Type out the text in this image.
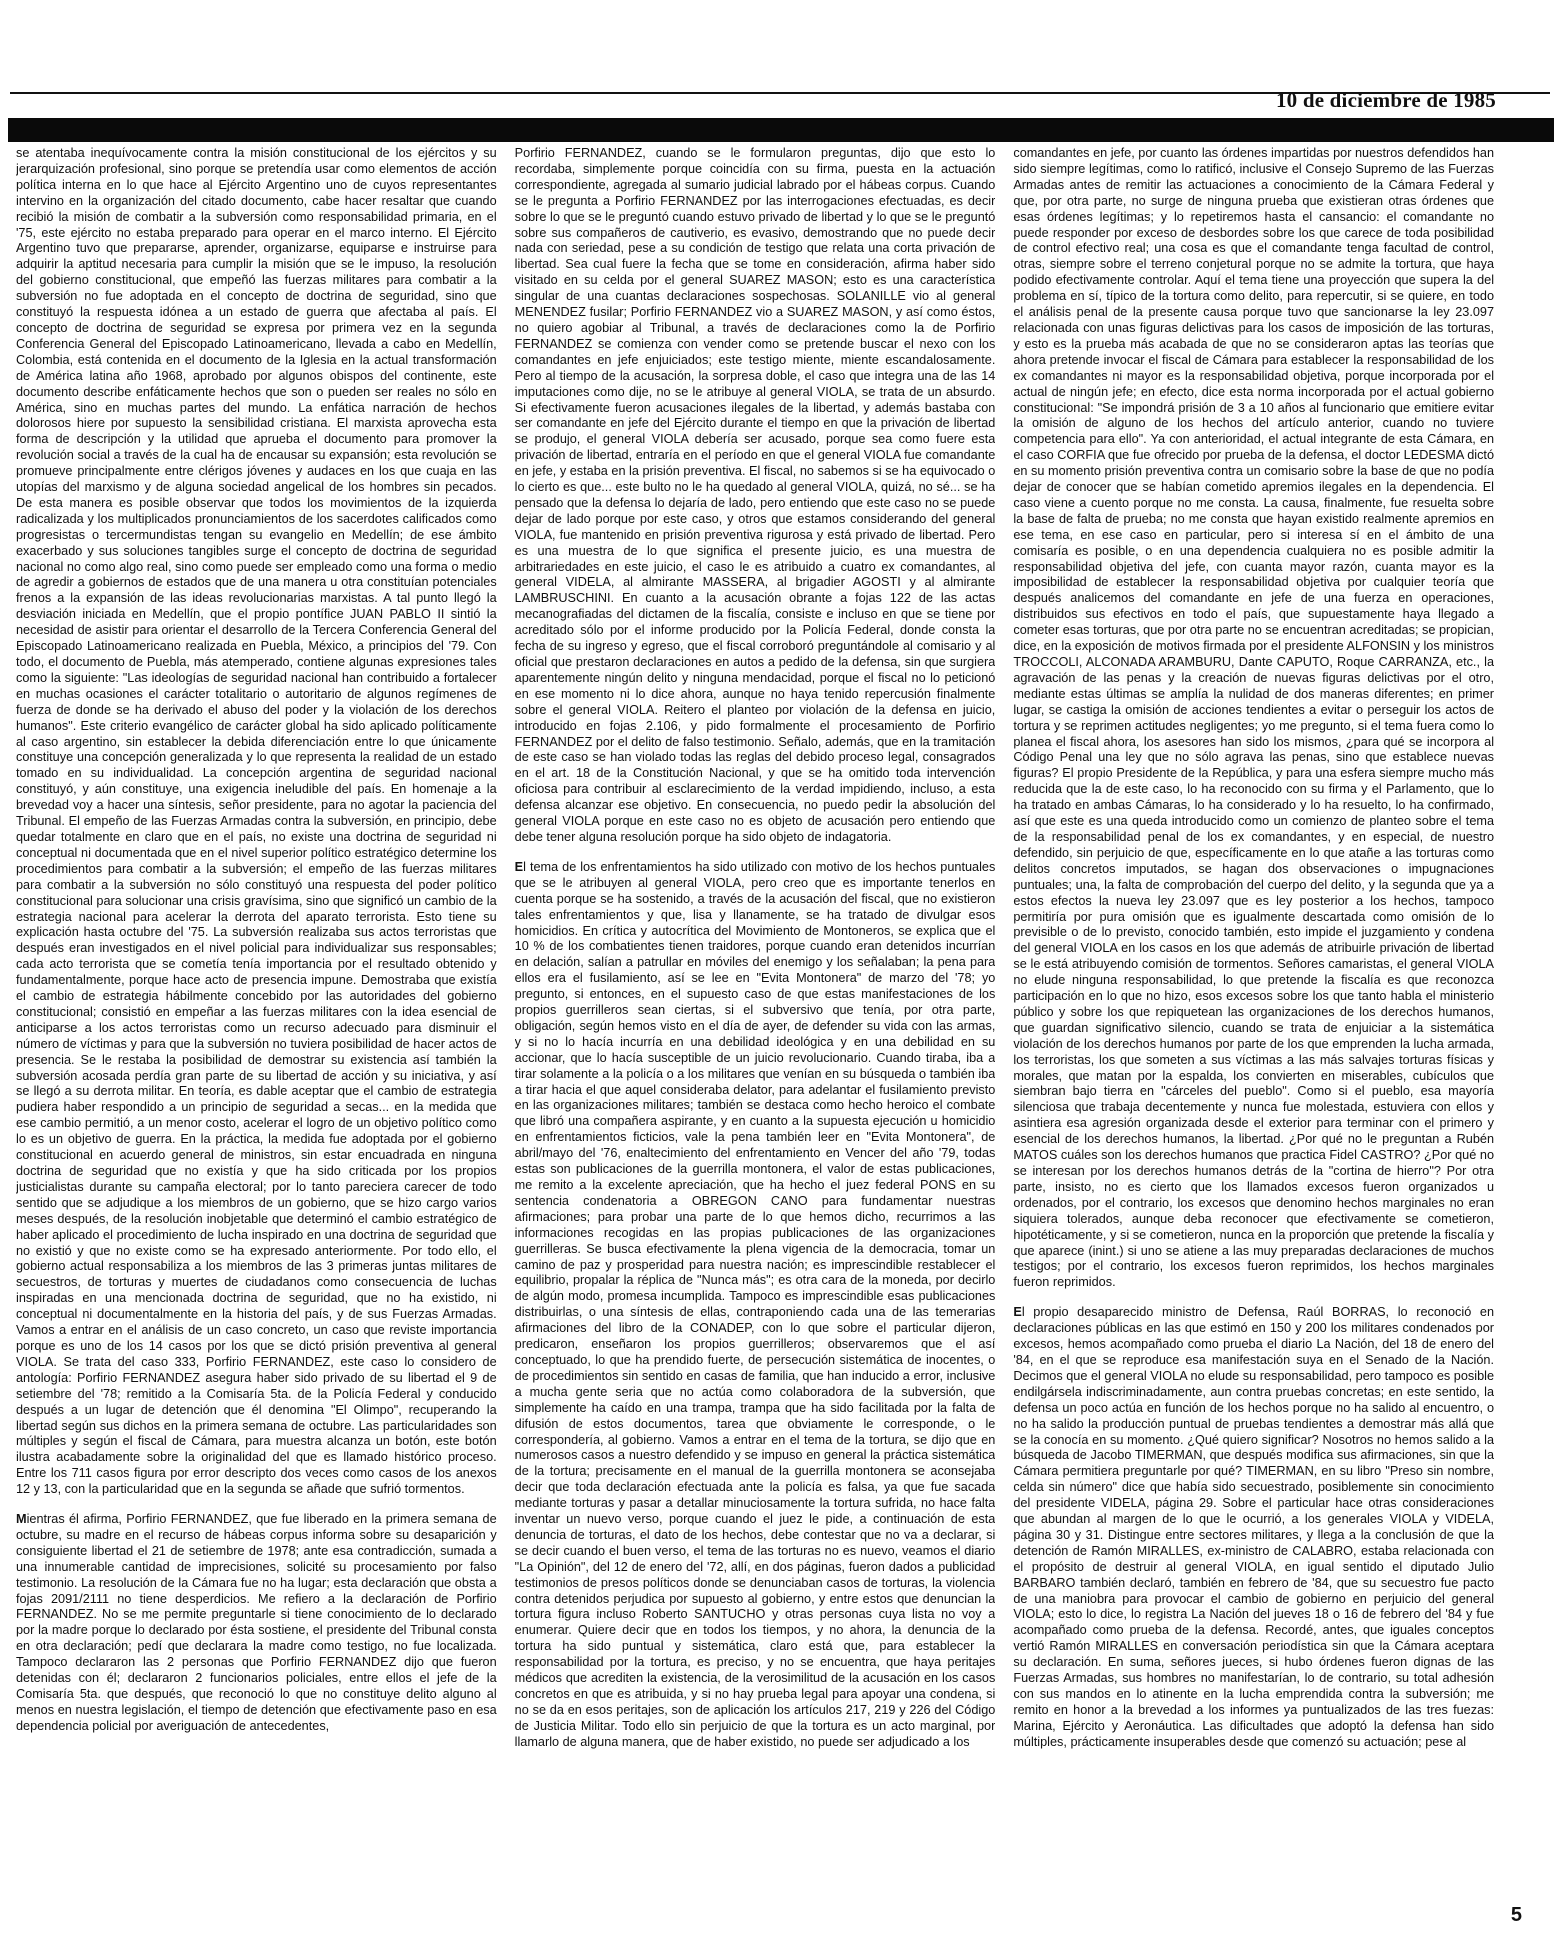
10 de diciembre de 1985

se atentaba inequívocamente contra la misión constitucional de los ejércitos y su jerarquización profesional, sino porque se pretendía usar como elementos de acción política interna en lo que hace al Ejército Argentino uno de cuyos representantes intervino en la organización del citado documento, cabe hacer resaltar que cuando recibió la misión de combatir a la subversión como responsabilidad primaria, en el '75, este ejército no estaba preparado para operar en el marco interno. El Ejército Argentino tuvo que prepararse, aprender, organizarse, equiparse e instruirse para adquirir la aptitud necesaria para cumplir la misión que se le impuso, la resolución del gobierno constitucional, que empeñó las fuerzas militares para combatir a la subversión no fue adoptada en el concepto de doctrina de seguridad, sino que constituyó la respuesta idónea a un estado de guerra que afectaba al país. El concepto de doctrina de seguridad se expresa por primera vez en la segunda Conferencia General del Episcopado Latinoamericano, llevada a cabo en Medellín, Colombia, está contenida en el documento de la Iglesia en la actual transformación de América latina año 1968, aprobado por algunos obispos del continente, este documento describe enfáticamente hechos que son o pueden ser reales no sólo en América, sino en muchas partes del mundo. La enfática narración de hechos dolorosos hiere por supuesto la sensibilidad cristiana. El marxista aprovecha esta forma de descripción y la utilidad que aprueba el documento para promover la revolución social a través de la cual ha de encausar su expansión; esta revolución se promueve principalmente entre clérigos jóvenes y audaces en los que cuaja en las utopías del marxismo y de alguna sociedad angelical de los hombres sin pecados. De esta manera es posible observar que todos los movimientos de la izquierda radicalizada y los multiplicados pronunciamientos de los sacerdotes calificados como progresistas o tercermundistas tengan su evangelio en Medellín; de ese ámbito exacerbado y sus soluciones tangibles surge el concepto de doctrina de seguridad nacional no como algo real, sino como puede ser empleado como una forma o medio de agredir a gobiernos de estados que de una manera u otra constituían potenciales frenos a la expansión de las ideas revolucionarias marxistas. A tal punto llegó la desviación iniciada en Medellín, que el propio pontífice JUAN PABLO II sintió la necesidad de asistir para orientar el desarrollo de la Tercera Conferencia General del Episcopado Latinoamericano realizada en Puebla, México, a principios del '79. Con todo, el documento de Puebla, más atemperado, contiene algunas expresiones tales como la siguiente: "Las ideologías de seguridad nacional han contribuido a fortalecer en muchas ocasiones el carácter totalitario o autoritario de algunos regímenes de fuerza de donde se ha derivado el abuso del poder y la violación de los derechos humanos". Este criterio evangélico de carácter global ha sido aplicado políticamente al caso argentino, sin establecer la debida diferenciación entre lo que únicamente constituye una concepción generalizada y lo que representa la realidad de un estado tomado en su individualidad. La concepción argentina de seguridad nacional constituyó, y aún constituye, una exigencia ineludible del país. En homenaje a la brevedad voy a hacer una síntesis, señor presidente, para no agotar la paciencia del Tribunal. El empeño de las Fuerzas Armadas contra la subversión, en principio, debe quedar totalmente en claro que en el país, no existe una doctrina de seguridad ni conceptual ni documentada que en el nivel superior político estratégico determine los procedimientos para combatir a la subversión; el empeño de las fuerzas militares para combatir a la subversión no sólo constituyó una respuesta del poder político constitucional para solucionar una crisis gravísima, sino que significó un cambio de la estrategia nacional para acelerar la derrota del aparato terrorista. Esto tiene su explicación hasta octubre del '75. La subversión realizaba sus actos terroristas que después eran investigados en el nivel policial para individualizar sus responsables; cada acto terrorista que se cometía tenía importancia por el resultado obtenido y fundamentalmente, porque hace acto de presencia impune. Demostraba que existía el cambio de estrategia hábilmente concebido por las autoridades del gobierno constitucional; consistió en empeñar a las fuerzas militares con la idea esencial de anticiparse a los actos terroristas como un recurso adecuado para disminuir el número de víctimas y para que la subversión no tuviera posibilidad de hacer actos de presencia. Se le restaba la posibilidad de demostrar su existencia así también la subversión acosada perdía gran parte de su libertad de acción y su iniciativa, y así se llegó a su derrota militar. En teoría, es dable aceptar que el cambio de estrategia pudiera haber respondido a un principio de seguridad a secas... en la medida que ese cambio permitió, a un menor costo, acelerar el logro de un objetivo político como lo es un objetivo de guerra. En la práctica, la medida fue adoptada por el gobierno constitucional en acuerdo general de ministros, sin estar encuadrada en ninguna doctrina de seguridad que no existía y que ha sido criticada por los propios justicialistas durante su campaña electoral; por lo tanto pareciera carecer de todo sentido que se adjudique a los miembros de un gobierno, que se hizo cargo varios meses después, de la resolución inobjetable que determinó el cambio estratégico de haber aplicado el procedimiento de lucha inspirado en una doctrina de seguridad que no existió y que no existe como se ha expresado anteriormente. Por todo ello, el gobierno actual responsabiliza a los miembros de las 3 primeras juntas militares de secuestros, de torturas y muertes de ciudadanos como consecuencia de luchas inspiradas en una mencionada doctrina de seguridad, que no ha existido, ni conceptual ni documentalmente en la historia del país, y de sus Fuerzas Armadas. Vamos a entrar en el análisis de un caso concreto, un caso que reviste importancia porque es uno de los 14 casos por los que se dictó prisión preventiva al general VIOLA. Se trata del caso 333, Porfirio FERNANDEZ, este caso lo considero de antología: Porfirio FERNANDEZ asegura haber sido privado de su libertad el 9 de setiembre del '78; remitido a la Comisaría 5ta. de la Policía Federal y conducido después a un lugar de detención que él denomina "El Olimpo", recuperando la libertad según sus dichos en la primera semana de octubre. Las particularidades son múltiples y según el fiscal de Cámara, para muestra alcanza un botón, este botón ilustra acabadamente sobre la originalidad del que es llamado histórico proceso. Entre los 711 casos figura por error descripto dos veces como casos de los anexos 12 y 13, con la particularidad que en la segunda se añade que sufrió tormentos.

Mientras él afirma, Porfirio FERNANDEZ, que fue liberado en la primera semana de octubre, su madre en el recurso de hábeas corpus informa sobre su desaparición y consiguiente libertad el 21 de setiembre de 1978; ante esa contradicción, sumada a una innumerable cantidad de imprecisiones, solicité su procesamiento por falso testimonio. La resolución de la Cámara fue no ha lugar; esta declaración que obsta a fojas 2091/2111 no tiene desperdicios. Me refiero a la declaración de Porfirio FERNANDEZ. No se me permite preguntarle si tiene conocimiento de lo declarado por la madre porque lo declarado por ésta sostiene, el presidente del Tribunal consta en otra declaración; pedí que declarara la madre como testigo, no fue localizada. Tampoco declararon las 2 personas que Porfirio FERNANDEZ dijo que fueron detenidas con él; declararon 2 funcionarios policiales, entre ellos el jefe de la Comisaría 5ta. que después, que reconoció lo que no constituye delito alguno al menos en nuestra legislación, el tiempo de detención que efectivamente paso en esa dependencia policial por averiguación de antecedentes,

Porfirio FERNANDEZ, cuando se le formularon preguntas, dijo que esto lo recordaba, simplemente porque coincidía con su firma, puesta en la actuación correspondiente, agregada al sumario judicial labrado por el hábeas corpus. Cuando se le pregunta a Porfirio FERNANDEZ por las interrogaciones efectuadas, es decir sobre lo que se le preguntó cuando estuvo privado de libertad y lo que se le preguntó sobre sus compañeros de cautiverio, es evasivo, demostrando que no puede decir nada con seriedad, pese a su condición de testigo que relata una corta privación de libertad. Sea cual fuere la fecha que se tome en consideración, afirma haber sido visitado en su celda por el general SUAREZ MASON; esto es una característica singular de una cuantas declaraciones sospechosas. SOLANILLE vio al general MENENDEZ fusilar; Porfirio FERNANDEZ vio a SUAREZ MASON, y así como éstos, no quiero agobiar al Tribunal, a través de declaraciones como la de Porfirio FERNANDEZ se comienza con vender como se pretende buscar el nexo con los comandantes en jefe enjuiciados; este testigo miente, miente escandalosamente. Pero al tiempo de la acusación, la sorpresa doble, el caso que integra una de las 14 imputaciones como dije, no se le atribuye al general VIOLA, se trata de un absurdo. Si efectivamente fueron acusaciones ilegales de la libertad, y además bastaba con ser comandante en jefe del Ejército durante el tiempo en que la privación de libertad se produjo, el general VIOLA debería ser acusado, porque sea como fuere esta privación de libertad, entraría en el período en que el general VIOLA fue comandante en jefe, y estaba en la prisión preventiva. El fiscal, no sabemos si se ha equivocado o lo cierto es que... este bulto no le ha quedado al general VIOLA, quizá, no sé... se ha pensado que la defensa lo dejaría de lado, pero entiendo que este caso no se puede dejar de lado porque por este caso, y otros que estamos considerando del general VIOLA, fue mantenido en prisión preventiva rigurosa y está privado de libertad. Pero es una muestra de lo que significa el presente juicio, es una muestra de arbitrariedades en este juicio, el caso le es atribuido a cuatro ex comandantes, al general VIDELA, al almirante MASSERA, al brigadier AGOSTI y al almirante LAMBRUSCHINI. En cuanto a la acusación obrante a fojas 122 de las actas mecanografiadas del dictamen de la fiscalía, consiste e incluso en que se tiene por acreditado sólo por el informe producido por la Policía Federal, donde consta la fecha de su ingreso y egreso, que el fiscal corroboró preguntándole al comisario y al oficial que prestaron declaraciones en autos a pedido de la defensa, sin que surgiera aparentemente ningún delito y ninguna mendacidad, porque el fiscal no lo peticionó en ese momento ni lo dice ahora, aunque no haya tenido repercusión finalmente sobre el general VIOLA. Reitero el planteo por violación de la defensa en juicio, introducido en fojas 2.106, y pido formalmente el procesamiento de Porfirio FERNANDEZ por el delito de falso testimonio. Señalo, además, que en la tramitación de este caso se han violado todas las reglas del debido proceso legal, consagrados en el art. 18 de la Constitución Nacional, y que se ha omitido toda intervención oficiosa para contribuir al esclarecimiento de la verdad impidiendo, incluso, a esta defensa alcanzar ese objetivo. En consecuencia, no puedo pedir la absolución del general VIOLA porque en este caso no es objeto de acusación pero entiendo que debe tener alguna resolución porque ha sido objeto de indagatoria.

El tema de los enfrentamientos ha sido utilizado con motivo de los hechos puntuales que se le atribuyen al general VIOLA, pero creo que es importante tenerlos en cuenta porque se ha sostenido, a través de la acusación del fiscal, que no existieron tales enfrentamientos y que, lisa y llanamente, se ha tratado de divulgar esos homicidios. En crítica y autocrítica del Movimiento de Montoneros, se explica que el 10 % de los combatientes tienen traidores, porque cuando eran detenidos incurrían en delación, salían a patrullar en móviles del enemigo y los señalaban; la pena para ellos era el fusilamiento, así se lee en "Evita Montonera" de marzo del '78; yo pregunto, si entonces, en el supuesto caso de que estas manifestaciones de los propios guerrilleros sean ciertas, si el subversivo que tenía, por otra parte, obligación, según hemos visto en el día de ayer, de defender su vida con las armas, y si no lo hacía incurría en una debilidad ideológica y en una debilidad en su accionar, que lo hacía susceptible de un juicio revolucionario. Cuando tiraba, iba a tirar solamente a la policía o a los militares que venían en su búsqueda o también iba a tirar hacia el que aquel consideraba delator, para adelantar el fusilamiento previsto en las organizaciones militares; también se destaca como hecho heroico el combate que libró una compañera aspirante, y en cuanto a la supuesta ejecución u homicidio en enfrentamientos ficticios, vale la pena también leer en "Evita Montonera", de abril/mayo del '76, enaltecimiento del enfrentamiento en Vencer del año '79, todas estas son publicaciones de la guerrilla montonera, el valor de estas publicaciones, me remito a la excelente apreciación, que ha hecho el juez federal PONS en su sentencia condenatoria a OBREGON CANO para fundamentar nuestras afirmaciones; para probar una parte de lo que hemos dicho, recurrimos a las informaciones recogidas en las propias publicaciones de las organizaciones guerrilleras. Se busca efectivamente la plena vigencia de la democracia, tomar un camino de paz y prosperidad para nuestra nación; es imprescindible restablecer el equilibrio, propalar la réplica de "Nunca más"; es otra cara de la moneda, por decirlo de algún modo, promesa incumplida. Tampoco es imprescindible esas publicaciones distribuirlas, o una síntesis de ellas, contraponiendo cada una de las temerarias afirmaciones del libro de la CONADEP, con lo que sobre el particular dijeron, predicaron, enseñaron los propios guerrilleros; observaremos que el así conceptuado, lo que ha prendido fuerte, de persecución sistemática de inocentes, o de procedimientos sin sentido en casas de familia, que han inducido a error, inclusive a mucha gente seria que no actúa como colaboradora de la subversión, que simplemente ha caído en una trampa, trampa que ha sido facilitada por la falta de difusión de estos documentos, tarea que obviamente le corresponde, o le correspondería, al gobierno. Vamos a entrar en el tema de la tortura, se dijo que en numerosos casos a nuestro defendido y se impuso en general la práctica sistemática de la tortura; precisamente en el manual de la guerrilla montonera se aconsejaba decir que toda declaración efectuada ante la policía es falsa, ya que fue sacada mediante torturas y pasar a detallar minuciosamente la tortura sufrida, no hace falta inventar un nuevo verso, porque cuando el juez le pide, a continuación de esta denuncia de torturas, el dato de los hechos, debe contestar que no va a declarar, si se decir cuando el buen verso, el tema de las torturas no es nuevo, veamos el diario "La Opinión", del 12 de enero del '72, allí, en dos páginas, fueron dados a publicidad testimonios de presos políticos donde se denunciaban casos de torturas, la violencia contra detenidos perjudica por supuesto al gobierno, y entre estos que denuncian la tortura figura incluso Roberto SANTUCHO y otras personas cuya lista no voy a enumerar. Quiere decir que en todos los tiempos, y no ahora, la denuncia de la tortura ha sido puntual y sistemática, claro está que, para establecer la responsabilidad por la tortura, es preciso, y no se encuentra, que haya peritajes médicos que acrediten la existencia, de la verosimilitud de la acusación en los casos concretos en que es atribuida, y si no hay prueba legal para apoyar una condena, si no se da en esos peritajes, son de aplicación los artículos 217, 219 y 226 del Código de Justicia Militar. Todo ello sin perjuicio de que la tortura es un acto marginal, por llamarlo de alguna manera, que de haber existido, no puede ser adjudicado a los

comandantes en jefe, por cuanto las órdenes impartidas por nuestros defendidos han sido siempre legítimas, como lo ratificó, inclusive el Consejo Supremo de las Fuerzas Armadas antes de remitir las actuaciones a conocimiento de la Cámara Federal y que, por otra parte, no surge de ninguna prueba que existieran otras órdenes que esas órdenes legítimas; y lo repetiremos hasta el cansancio: el comandante no puede responder por exceso de desbordes sobre los que carece de toda posibilidad de control efectivo real; una cosa es que el comandante tenga facultad de control, otras, siempre sobre el terreno conjetural porque no se admite la tortura, que haya podido efectivamente controlar. Aquí el tema tiene una proyección que supera la del problema en sí, típico de la tortura como delito, para repercutir, si se quiere, en todo el análisis penal de la presente causa porque tuvo que sancionarse la ley 23.097 relacionada con unas figuras delictivas para los casos de imposición de las torturas, y esto es la prueba más acabada de que no se consideraron aptas las teorías que ahora pretende invocar el fiscal de Cámara para establecer la responsabilidad de los ex comandantes ni mayor es la responsabilidad objetiva, porque incorporada por el actual de ningún jefe; en efecto, dice esta norma incorporada por el actual gobierno constitucional: "Se impondrá prisión de 3 a 10 años al funcionario que emitiere evitar la omisión de alguno de los hechos del artículo anterior, cuando no tuviere competencia para ello". Ya con anterioridad, el actual integrante de esta Cámara, en el caso CORFIA que fue ofrecido por prueba de la defensa, el doctor LEDESMA dictó en su momento prisión preventiva contra un comisario sobre la base de que no podía dejar de conocer que se habían cometido apremios ilegales en la dependencia. El caso viene a cuento porque no me consta. La causa, finalmente, fue resuelta sobre la base de falta de prueba; no me consta que hayan existido realmente apremios en ese tema, en ese caso en particular, pero si interesa sí en el ámbito de una comisaría es posible, o en una dependencia cualquiera no es posible admitir la responsabilidad objetiva del jefe, con cuanta mayor razón, cuanta mayor es la imposibilidad de establecer la responsabilidad objetiva por cualquier teoría que después analicemos del comandante en jefe de una fuerza en operaciones, distribuidos sus efectivos en todo el país, que supuestamente haya llegado a cometer esas torturas, que por otra parte no se encuentran acreditadas; se propician, dice, en la exposición de motivos firmada por el presidente ALFONSIN y los ministros TROCCOLI, ALCONADA ARAMBURU, Dante CAPUTO, Roque CARRANZA, etc., la agravación de las penas y la creación de nuevas figuras delictivas por el otro, mediante estas últimas se amplía la nulidad de dos maneras diferentes; en primer lugar, se castiga la omisión de acciones tendientes a evitar o perseguir los actos de tortura y se reprimen actitudes negligentes; yo me pregunto, si el tema fuera como lo planea el fiscal ahora, los asesores han sido los mismos, ¿para qué se incorpora al Código Penal una ley que no sólo agrava las penas, sino que establece nuevas figuras? El propio Presidente de la República, y para una esfera siempre mucho más reducida que la de este caso, lo ha reconocido con su firma y el Parlamento, que lo ha tratado en ambas Cámaras, lo ha considerado y lo ha resuelto, lo ha confirmado, así que este es una queda introducido como un comienzo de planteo sobre el tema de la responsabilidad penal de los ex comandantes, y en especial, de nuestro defendido, sin perjuicio de que, específicamente en lo que atañe a las torturas como delitos concretos imputados, se hagan dos observaciones o impugnaciones puntuales; una, la falta de comprobación del cuerpo del delito, y la segunda que ya a estos efectos la nueva ley 23.097 que es ley posterior a los hechos, tampoco permitiría por pura omisión que es igualmente descartada como omisión de lo previsible o de lo previsto, conocido también, esto impide el juzgamiento y condena del general VIOLA en los casos en los que además de atribuirle privación de libertad se le está atribuyendo comisión de tormentos. Señores camaristas, el general VIOLA no elude ninguna responsabilidad, lo que pretende la fiscalía es que reconozca participación en lo que no hizo, esos excesos sobre los que tanto habla el ministerio público y sobre los que repiquetean las organizaciones de los derechos humanos, que guardan significativo silencio, cuando se trata de enjuiciar a la sistemática violación de los derechos humanos por parte de los que emprenden la lucha armada, los terroristas, los que someten a sus víctimas a las más salvajes torturas físicas y morales, que matan por la espalda, los convierten en miserables, cubículos que siembran bajo tierra en "cárceles del pueblo". Como si el pueblo, esa mayoría silenciosa que trabaja decentemente y nunca fue molestada, estuviera con ellos y asintiera esa agresión organizada desde el exterior para terminar con el primero y esencial de los derechos humanos, la libertad. ¿Por qué no le preguntan a Rubén MATOS cuáles son los derechos humanos que practica Fidel CASTRO? ¿Por qué no se interesan por los derechos humanos detrás de la "cortina de hierro"? Por otra parte, insisto, no es cierto que los llamados excesos fueron organizados u ordenados, por el contrario, los excesos que denomino hechos marginales no eran siquiera tolerados, aunque deba reconocer que efectivamente se cometieron, hipotéticamente, y si se cometieron, nunca en la proporción que pretende la fiscalía y que aparece (inint.) si uno se atiene a las muy preparadas declaraciones de muchos testigos; por el contrario, los excesos fueron reprimidos, los hechos marginales fueron reprimidos.

El propio desaparecido ministro de Defensa, Raúl BORRAS, lo reconoció en declaraciones públicas en las que estimó en 150 y 200 los militares condenados por excesos, hemos acompañado como prueba el diario La Nación, del 18 de enero del '84, en el que se reproduce esa manifestación suya en el Senado de la Nación. Decimos que el general VIOLA no elude su responsabilidad, pero tampoco es posible endilgársela indiscriminadamente, aun contra pruebas concretas; en este sentido, la defensa un poco actúa en función de los hechos porque no ha salido al encuentro, o no ha salido la producción puntual de pruebas tendientes a demostrar más allá que se la conocía en su momento. ¿Qué quiero significar? Nosotros no hemos salido a la búsqueda de Jacobo TIMERMAN, que después modifica sus afirmaciones, sin que la Cámara permitiera preguntarle por qué? TIMERMAN, en su libro "Preso sin nombre, celda sin número" dice que había sido secuestrado, posiblemente sin conocimiento del presidente VIDELA, página 29. Sobre el particular hace otras consideraciones que abundan al margen de lo que le ocurrió, a los generales VIOLA y VIDELA, página 30 y 31. Distingue entre sectores militares, y llega a la conclusión de que la detención de Ramón MIRALLES, ex-ministro de CALABRO, estaba relacionada con el propósito de destruir al general VIOLA, en igual sentido el diputado Julio BARBARO también declaró, también en febrero de '84, que su secuestro fue pacto de una maniobra para provocar el cambio de gobierno en perjuicio del general VIOLA; esto lo dice, lo registra La Nación del jueves 18 o 16 de febrero del '84 y fue acompañado como prueba de la defensa. Recordé, antes, que iguales conceptos vertió Ramón MIRALLES en conversación periodística sin que la Cámara aceptara su declaración. En suma, señores jueces, si hubo órdenes fueron dignas de las Fuerzas Armadas, sus hombres no manifestarían, lo de contrario, su total adhesión con sus mandos en lo atinente en la lucha emprendida contra la subversión; me remito en honor a la brevedad a los informes ya puntualizados de las tres fuezas: Marina, Ejército y Aeronáutica. Las dificultades que adoptó la defensa han sido múltiples, prácticamente insuperables desde que comenzó su actuación; pese al

5
